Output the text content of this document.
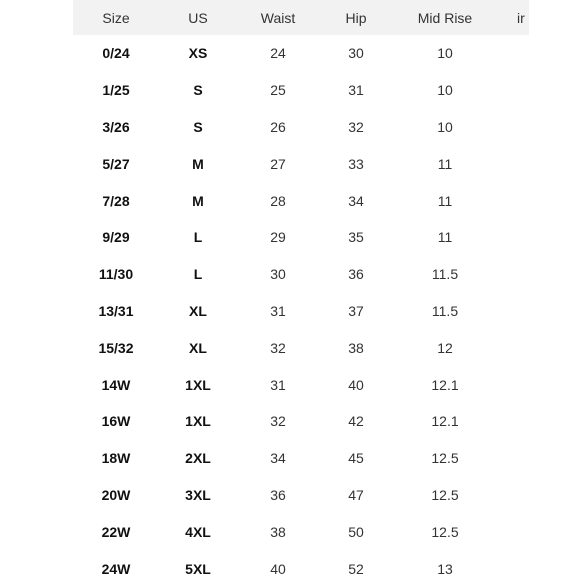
Size	US	Waist	Hip	Mid Rise	ir
0/24	XS	24	30	10	
1/25	S	25	31	10	
3/26	S	26	32	10	
5/27	M	27	33	11	
7/28	M	28	34	11	
9/29	L	29	35	11	
11/30	L	30	36	11.5	
13/31	XL	31	37	11.5	
15/32	XL	32	38	12	
14W	1XL	31	40	12.1	
16W	1XL	32	42	12.1	
18W	2XL	34	45	12.5	
20W	3XL	36	47	12.5	
22W	4XL	38	50	12.5	
24W	5XL	40	52	13	
